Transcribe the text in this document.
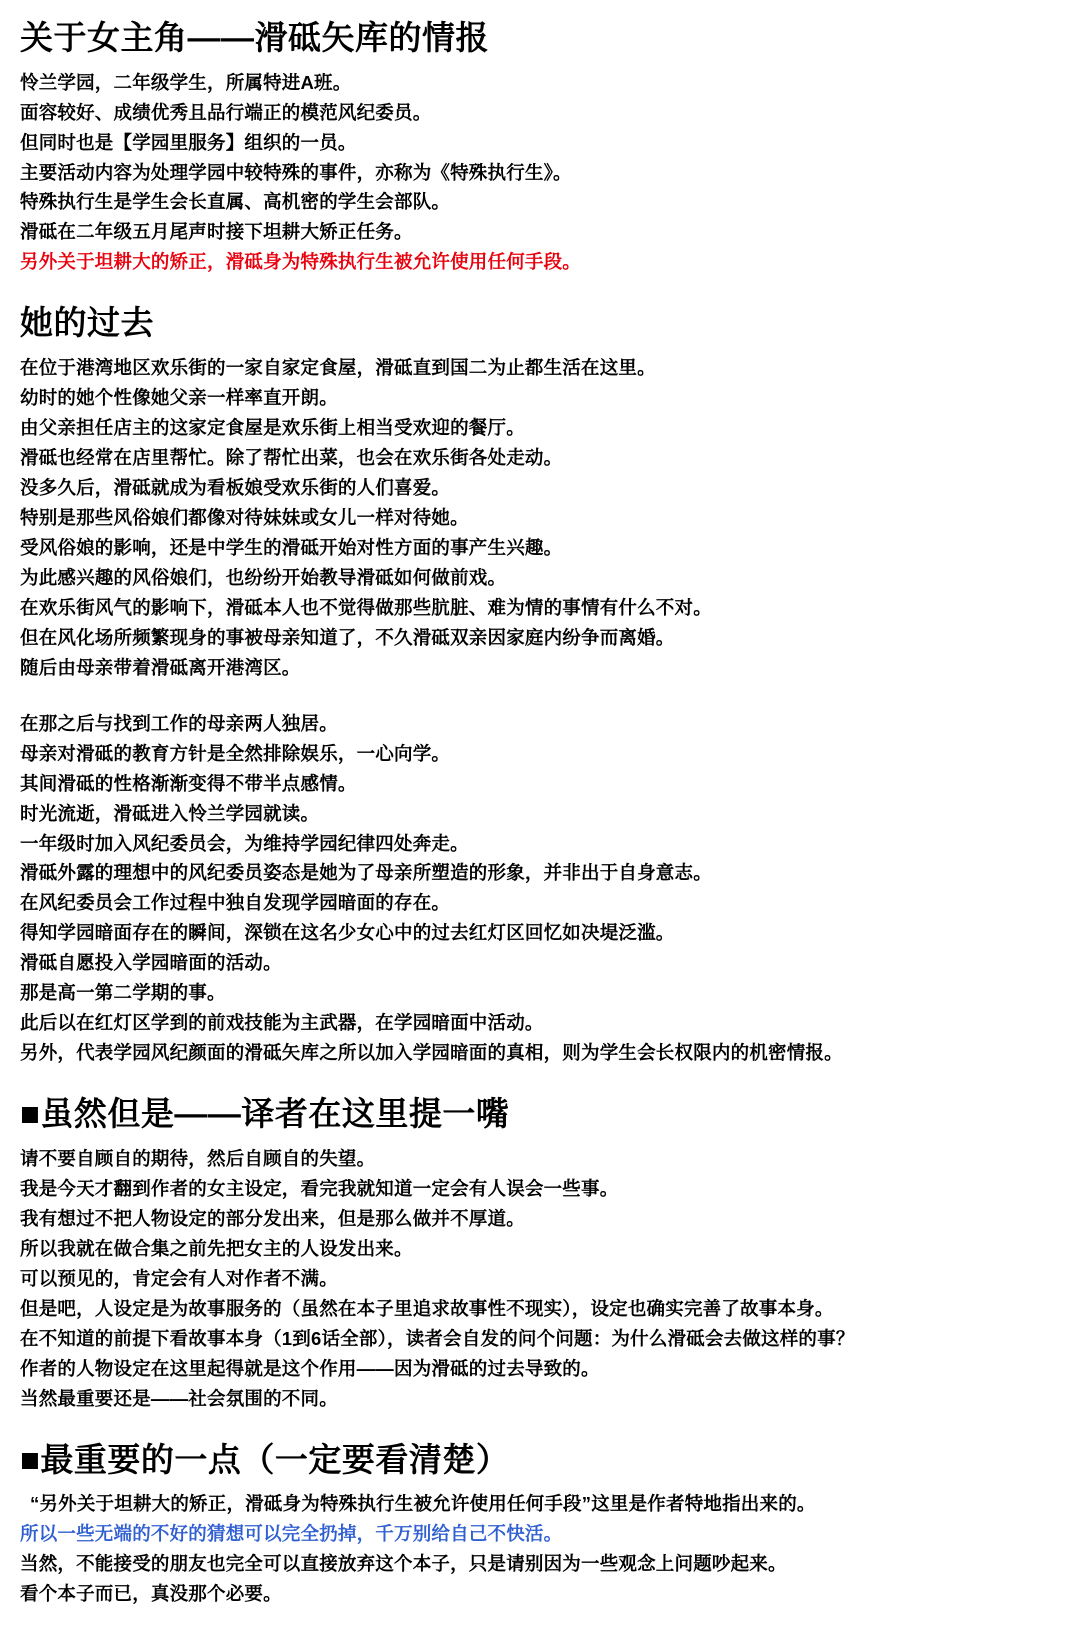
关于女主角——滑砥矢库的情报

怜兰学园，二年级学生，所属特进A班。

面容较好、成绩优秀且品行端正的模范风纪委员。

但同时也是【学园里服务】组织的一员。

主要活动内容为处理学园中较特殊的事件，亦称为《特殊执行生》。

特殊执行生是学生会长直属、高机密的学生会部队。

滑砥在二年级五月尾声时接下坦耕大矫正任务。

另外关于坦耕大的矫正，滑砥身为特殊执行生被允许使用任何手段。

她的过去

在位于港湾地区欢乐街的一家自家定食屋，滑砥直到国二为止都生活在这里。

幼时的她个性像她父亲一样率直开朗。

由父亲担任店主的这家定食屋是欢乐街上相当受欢迎的餐厅。

滑砥也经常在店里帮忙。除了帮忙出菜，也会在欢乐街各处走动。

没多久后，滑砥就成为看板娘受欢乐街的人们喜爱。

特别是那些风俗娘们都像对待妹妹或女儿一样对待她。

受风俗娘的影响，还是中学生的滑砥开始对性方面的事产生兴趣。

为此感兴趣的风俗娘们，也纷纷开始教导滑砥如何做前戏。

在欢乐街风气的影响下，滑砥本人也不觉得做那些肮脏、难为情的事情有什么不对。

但在风化场所频繁现身的事被母亲知道了，不久滑砥双亲因家庭内纷争而离婚。

随后由母亲带着滑砥离开港湾区。

在那之后与找到工作的母亲两人独居。

母亲对滑砥的教育方针是全然排除娱乐，一心向学。

其间滑砥的性格渐渐变得不带半点感情。

时光流逝，滑砥进入怜兰学园就读。

一年级时加入风纪委员会，为维持学园纪律四处奔走。

滑砥外露的理想中的风纪委员姿态是她为了母亲所塑造的形象，并非出于自身意志。

在风纪委员会工作过程中独自发现学园暗面的存在。

得知学园暗面存在的瞬间，深锁在这名少女心中的过去红灯区回忆如决堤泛滥。

滑砥自愿投入学园暗面的活动。

那是高一第二学期的事。

此后以在红灯区学到的前戏技能为主武器，在学园暗面中活动。

另外，代表学园风纪颜面的滑砥矢库之所以加入学园暗面的真相，则为学生会长权限内的机密情报。

■虽然但是——译者在这里提一嘴

请不要自顾自的期待，然后自顾自的失望。

我是今天才翻到作者的女主设定，看完我就知道一定会有人误会一些事。

我有想过不把人物设定的部分发出来，但是那么做并不厚道。

所以我就在做合集之前先把女主的人设发出来。

可以预见的，肯定会有人对作者不满。

但是吧，人设定是为故事服务的（虽然在本子里追求故事性不现实），设定也确实完善了故事本身。

在不知道的前提下看故事本身（1到6话全部），读者会自发的问个问题：为什么滑砥会去做这样的事？

作者的人物设定在这里起得就是这个作用——因为滑砥的过去导致的。

当然最重要还是——社会氛围的不同。

■最重要的一点（一定要看清楚）

“另外关于坦耕大的矫正，滑砥身为特殊执行生被允许使用任何手段”这里是作者特地指出来的。

所以一些无端的不好的猜想可以完全扔掉，千万别给自己不快活。

当然，不能接受的朋友也完全可以直接放弃这个本子，只是请别因为一些观念上问题吵起来。

看个本子而已，真没那个必要。
